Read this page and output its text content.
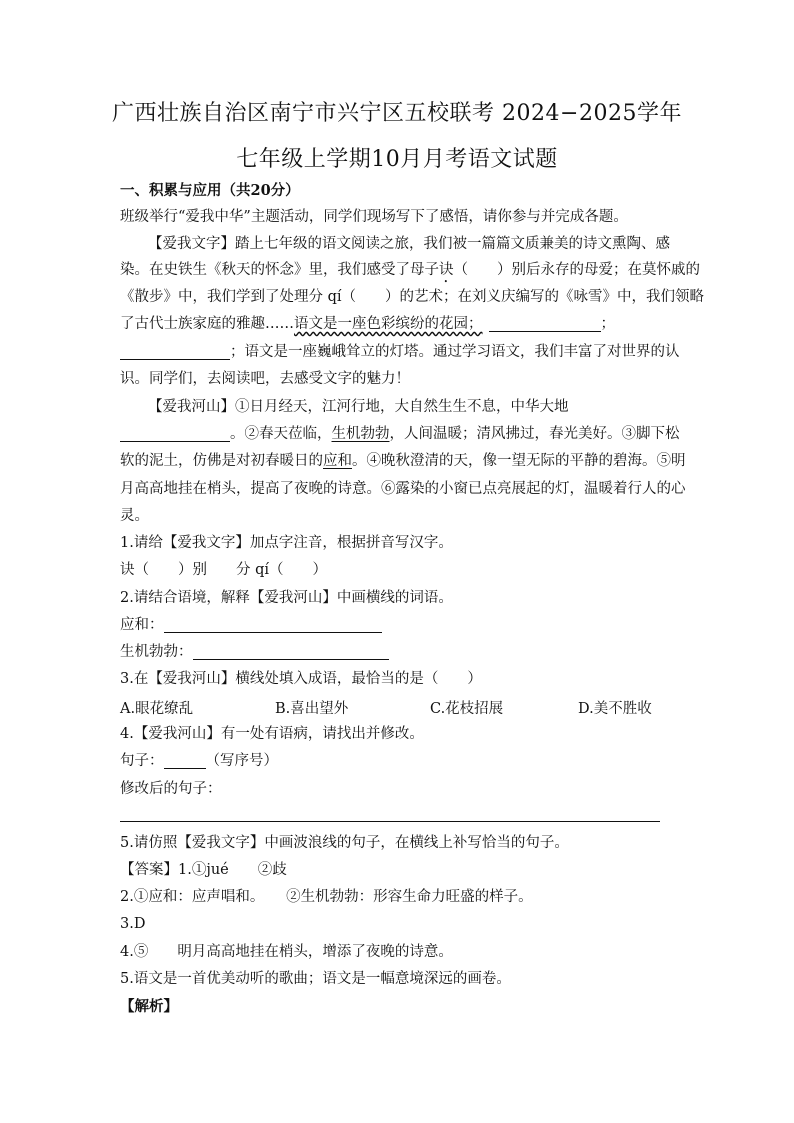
广西壮族自治区南宁市兴宁区五校联考 2024−2025学年
七年级上学期10月月考语文试题
一、积累与应用（共20分）
班级举行“爱我中华”主题活动，同学们现场写下了感悟，请你参与并完成各题。
【爱我文字】踏上七年级的语文阅读之旅，我们被一篇篇文质兼美的诗文熏陶、感
染。在史铁生《秋天的怀念》里，我们感受了母子诀（　　）别后永存的母爱；在莫怀戚的
《散步》中，我们学到了处理分 qí（　　）的艺术；在刘义庆编写的《咏雪》中，我们领略
了古代士族家庭的雅趣……语文是一座色彩缤纷的花园；	；
；语文是一座巍峨耸立的灯塔。通过学习语文，我们丰富了对世界的认
识。同学们，去阅读吧，去感受文字的魅力！
【爱我河山】①日月经天，江河行地，大自然生生不息，中华大地
。②春天莅临，生机勃勃，人间温暖；清风拂过，春光美好。③脚下松
软的泥土，仿佛是对初春暖日的应和。④晚秋澄清的天，像一望无际的平静的碧海。⑤明
月高高地挂在梢头，提高了夜晚的诗意。⑥露染的小窗已点亮展起的灯，温暖着行人的心
灵。
1.请给【爱我文字】加点字注音，根据拼音写汉字。
诀（　　）别　　分 qí（　　）
2.请结合语境，解释【爱我河山】中画横线的词语。
应和：
生机勃勃：
3.在【爱我河山】横线处填入成语，最恰当的是（　　）
A.眼花缭乱	B.喜出望外	C.花枝招展	D.美不胜收
4.【爱我河山】有一处有语病，请找出并修改。
句子：	（写序号）
修改后的句子：
5.请仿照【爱我文字】中画波浪线的句子，在横线上补写恰当的句子。
【答案】1.①jué　　②歧
2.①应和：应声唱和。　　②生机勃勃：形容生命力旺盛的样子。
3.D
4.⑤　　明月高高地挂在梢头，增添了夜晚的诗意。
5.语文是一首优美动听的歌曲；语文是一幅意境深远的画卷。
【解析】
